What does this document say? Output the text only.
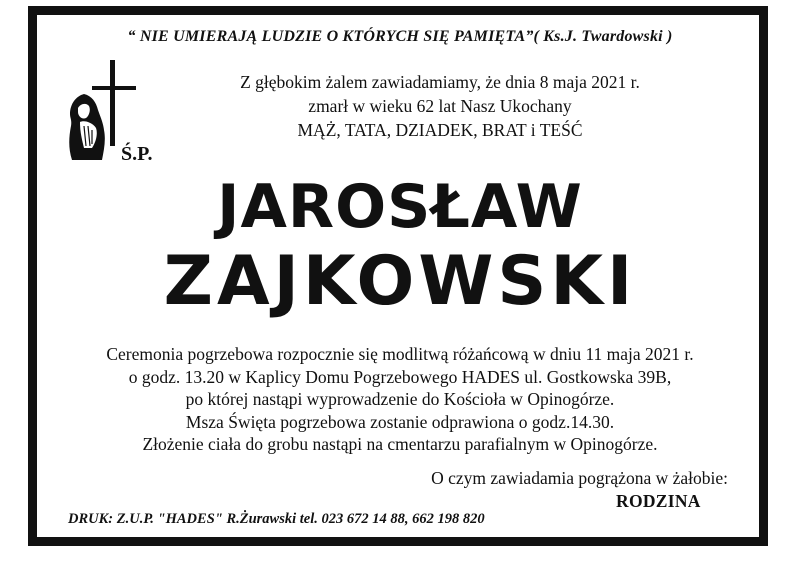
“ NIE UMIERAJĄ LUDZIE O KTÓRYCH SIĘ PAMIĘTA”( Ks.J. Twardowski )
Ś.P.
Z głębokim żalem zawiadamiamy, że dnia 8 maja 2021 r.
zmarł w wieku 62 lat Nasz Ukochany
MĄŻ, TATA, DZIADEK, BRAT i TEŚĆ
JAROSŁAW
ZAJKOWSKI
Ceremonia pogrzebowa rozpocznie się modlitwą różańcową w dniu 11 maja 2021 r.
o godz. 13.20 w Kaplicy Domu Pogrzebowego HADES ul. Gostkowska 39B,
po której nastąpi wyprowadzenie do Kościoła w Opinogórze.
Msza Święta pogrzebowa zostanie odprawiona o godz.14.30.
Złożenie ciała do grobu nastąpi na cmentarzu parafialnym w Opinogórze.
O czym zawiadamia pogrążona w żałobie:
RODZINA
DRUK: Z.U.P. "HADES" R.Żurawski tel. 023 672 14 88, 662 198 820
